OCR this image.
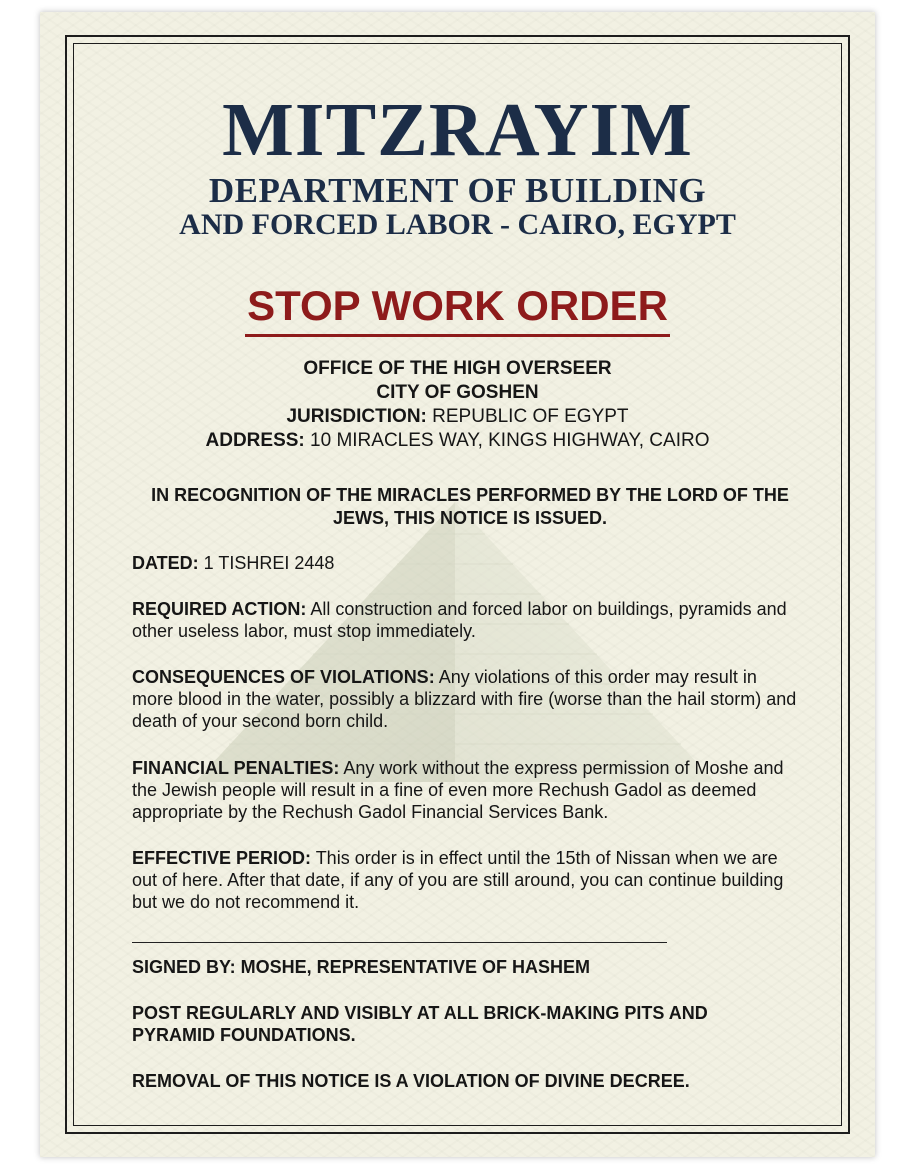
MITZRAYIM
DEPARTMENT OF BUILDING
AND FORCED LABOR - CAIRO, EGYPT
STOP WORK ORDER
OFFICE OF THE HIGH OVERSEER
CITY OF GOSHEN
JURISDICTION: REPUBLIC OF EGYPT
ADDRESS: 10 MIRACLES WAY, KINGS HIGHWAY, CAIRO
IN RECOGNITION OF THE MIRACLES PERFORMED BY THE LORD OF THE JEWS, THIS NOTICE IS ISSUED.
DATED: 1 TISHREI 2448
REQUIRED ACTION: All construction and forced labor on buildings, pyramids and other useless labor, must stop immediately.
CONSEQUENCES OF VIOLATIONS: Any violations of this order may result in more blood in the water, possibly a blizzard with fire (worse than the hail storm) and death of your second born child.
FINANCIAL PENALTIES: Any work without the express permission of Moshe and the Jewish people will result in a fine of even more Rechush Gadol as deemed appropriate by the Rechush Gadol Financial Services Bank.
EFFECTIVE PERIOD: This order is in effect until the 15th of Nissan when we are out of here. After that date, if any of you are still around, you can continue building but we do not recommend it.
SIGNED BY: MOSHE, REPRESENTATIVE OF HASHEM
POST REGULARLY AND VISIBLY AT ALL BRICK-MAKING PITS AND PYRAMID FOUNDATIONS.
REMOVAL OF THIS NOTICE IS A VIOLATION OF DIVINE DECREE.
